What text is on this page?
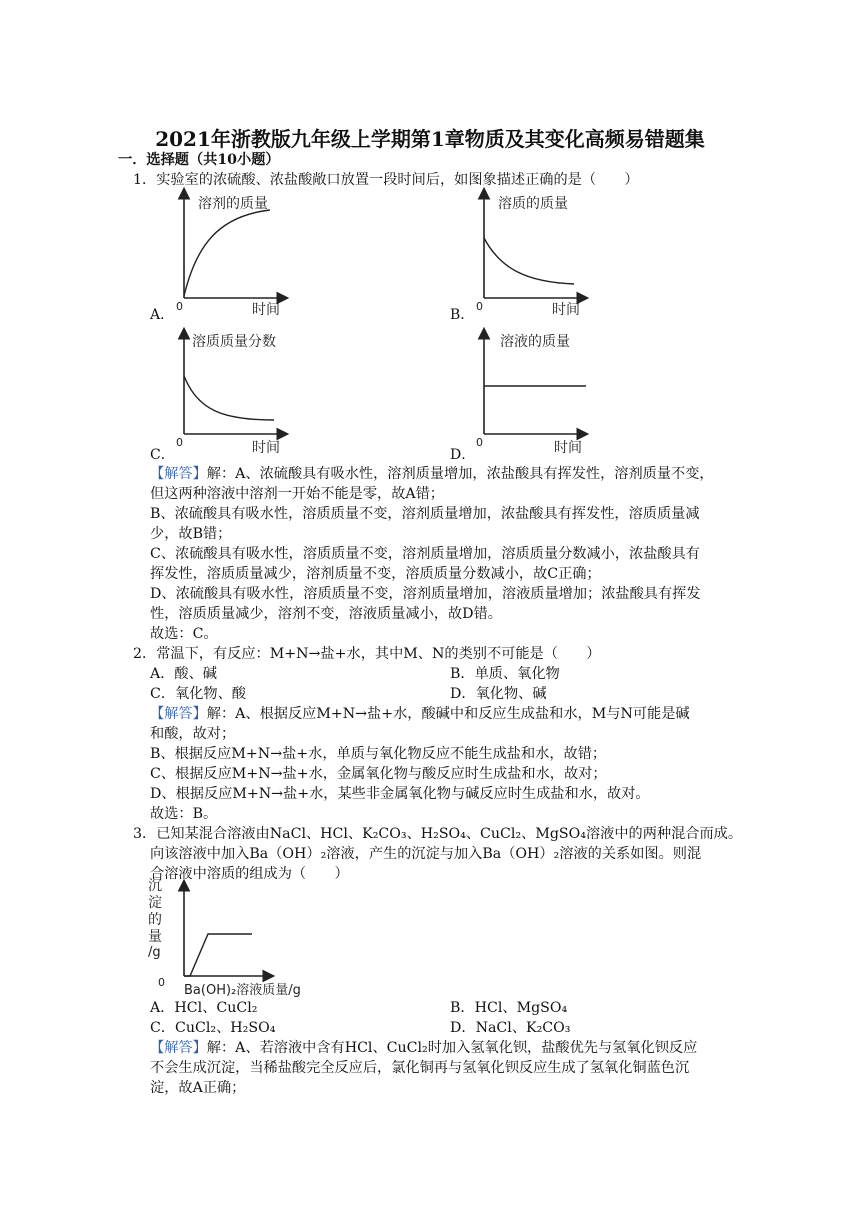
2021年浙教版九年级上学期第1章物质及其变化高频易错题集
一．选择题（共10小题）
1．实验室的浓硫酸、浓盐酸敞口放置一段时间后，如图象描述正确的是（　　）
溶剂的质量
时间
0
A．
溶质的质量
时间
0
B．
溶质质量分数
时间
0
C．
溶液的质量
时间
0
D．
【解答】解：A、浓硫酸具有吸水性，溶剂质量增加，浓盐酸具有挥发性，溶剂质量不变，
但这两种溶液中溶剂一开始不能是零，故A错；
B、浓硫酸具有吸水性，溶质质量不变，溶剂质量增加，浓盐酸具有挥发性，溶质质量减
少，故B错；
C、浓硫酸具有吸水性，溶质质量不变，溶剂质量增加，溶质质量分数减小，浓盐酸具有
挥发性，溶质质量减少，溶剂质量不变，溶质质量分数减小，故C正确；
D、浓硫酸具有吸水性，溶质质量不变，溶剂质量增加，溶液质量增加；浓盐酸具有挥发
性，溶质质量减少，溶剂不变，溶液质量减小，故D错。
故选：C。
2．常温下，有反应：M+N→盐+水，其中M、N的类别不可能是（　　）
A．酸、碱	B．单质、氧化物
C．氧化物、酸	D．氧化物、碱
【解答】解：A、根据反应M+N→盐+水，酸碱中和反应生成盐和水，M与N可能是碱
和酸，故对；
B、根据反应M+N→盐+水，单质与氧化物反应不能生成盐和水，故错；
C、根据反应M+N→盐+水，金属氧化物与酸反应时生成盐和水，故对；
D、根据反应M+N→盐+水，某些非金属氧化物与碱反应时生成盐和水，故对。
故选：B。
3．已知某混合溶液由NaCl、HCl、K₂CO₃、H₂SO₄、CuCl₂、MgSO₄溶液中的两种混合而成。
向该溶液中加入Ba（OH）₂溶液，产生的沉淀与加入Ba（OH）₂溶液的关系如图。则混
合溶液中溶质的组成为（　　）
沉
淀
的
量
/g
0
Ba(OH)₂溶液质量/g
A．HCl、CuCl₂	B．HCl、MgSO₄
C．CuCl₂、H₂SO₄	D．NaCl、K₂CO₃
【解答】解：A、若溶液中含有HCl、CuCl₂时加入氢氧化钡，盐酸优先与氢氧化钡反应
不会生成沉淀，当稀盐酸完全反应后，氯化铜再与氢氧化钡反应生成了氢氧化铜蓝色沉
淀，故A正确；
